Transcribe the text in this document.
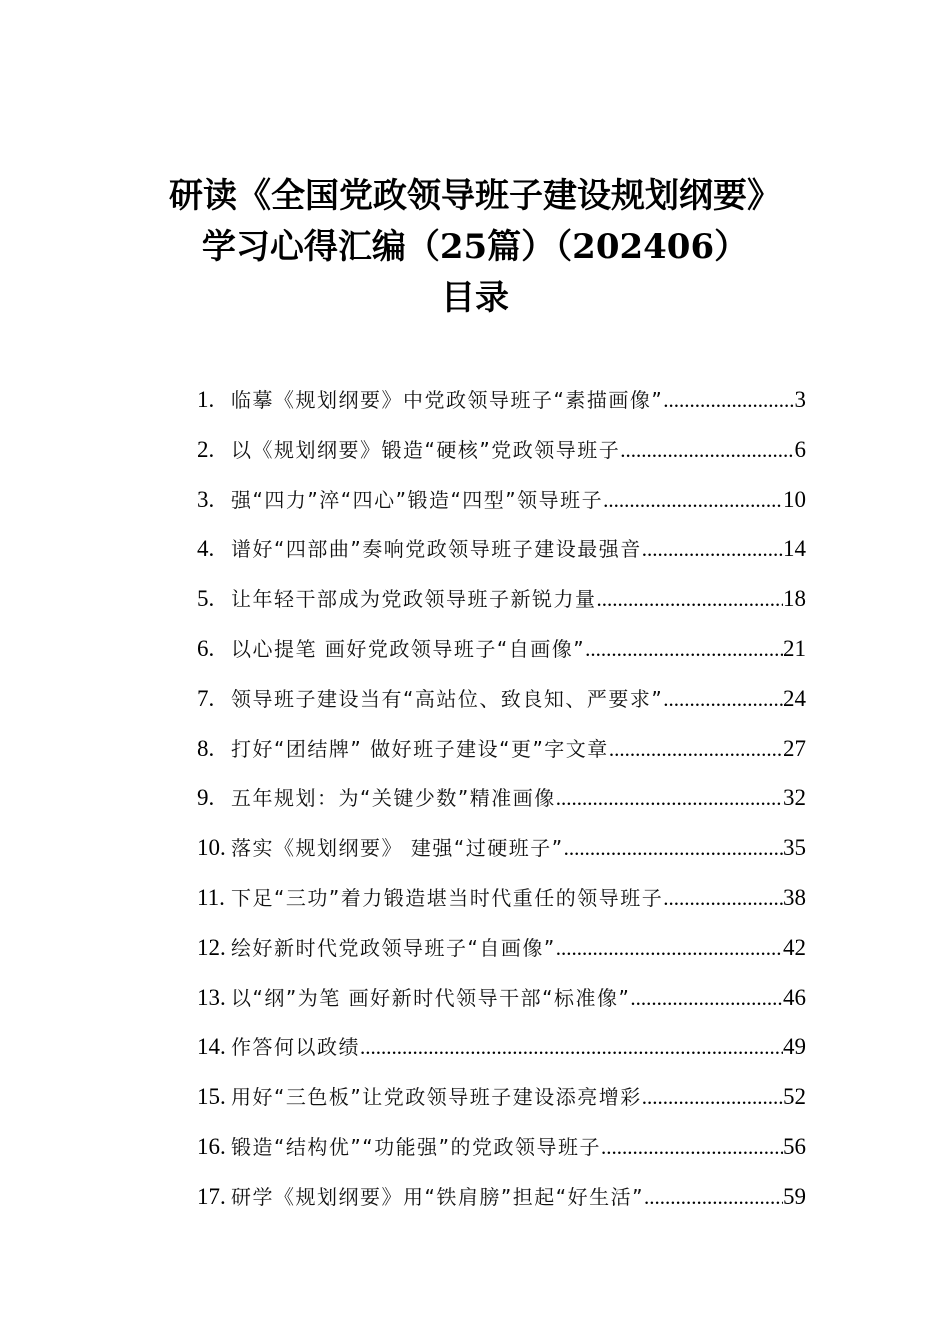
研读《全国党政领导班子建设规划纲要》
学习心得汇编（25篇）（202406）
目录
1. 临摹《规划纲要》中党政领导班子“素描画像” .....	3
2. 以《规划纲要》锻造“硬核”党政领导班子 .....	6
3. 强“四力”淬“四心”锻造“四型”领导班子 .....	10
4. 谱好“四部曲”奏响党政领导班子建设最强音 .....	14
5. 让年轻干部成为党政领导班子新锐力量 .....	18
6. 以心提笔 画好党政领导班子“自画像” .....	21
7. 领导班子建设当有“高站位、致良知、严要求” .....	24
8. 打好“团结牌” 做好班子建设“更”字文章 .....	27
9. 五年规划：为“关键少数”精准画像 .....	32
10. 落实《规划纲要》 建强“过硬班子” .....	35
11. 下足“三功”着力锻造堪当时代重任的领导班子 .....	38
12. 绘好新时代党政领导班子“自画像” .....	42
13. 以“纲”为笔 画好新时代领导干部“标准像” .....	46
14. 作答何以政绩 .....	49
15. 用好“三色板”让党政领导班子建设添亮增彩 .....	52
16. 锻造“结构优”“功能强”的党政领导班子 .....	56
17. 研学《规划纲要》用“铁肩膀”担起“好生活” .....	59
